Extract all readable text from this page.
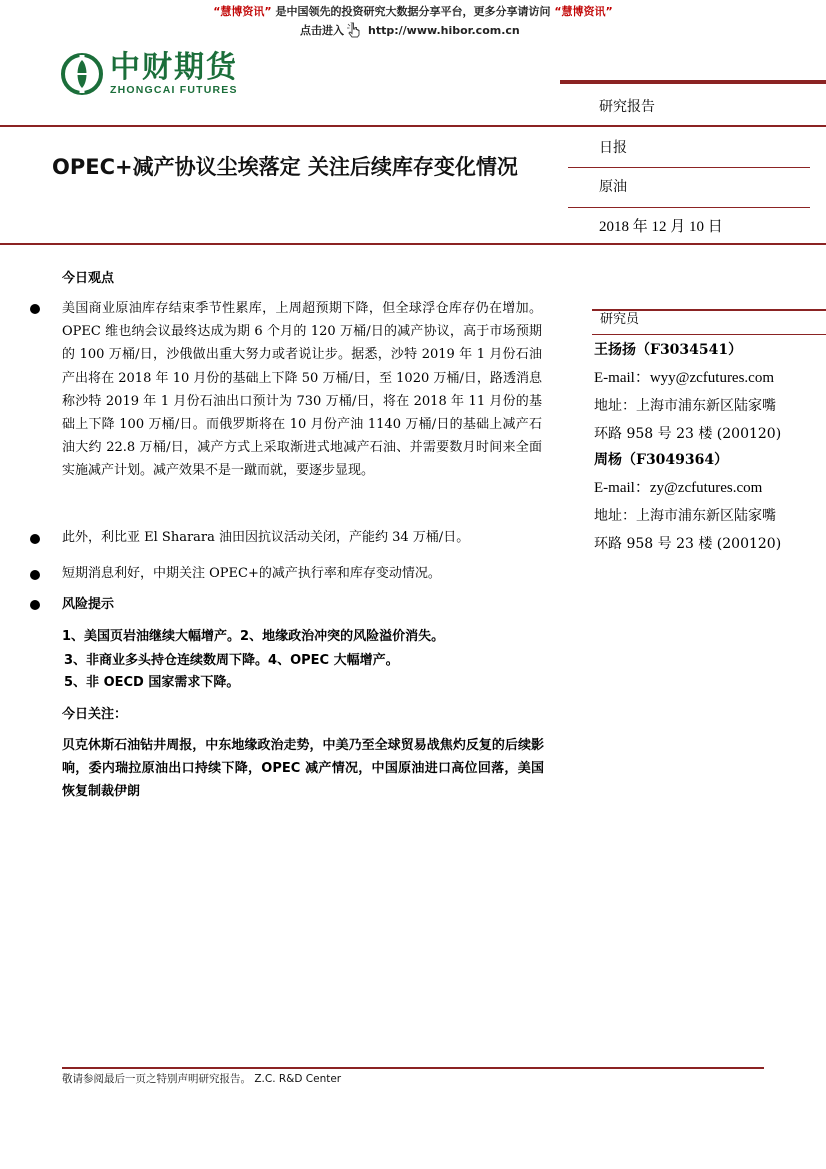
“慧博资讯” 是中国领先的投资研究大数据分享平台，更多分享请访问 “慧博资讯”
点击进入 http://www.hibor.com.cn
中财期货
ZHONGCAI FUTURES
研究报告
日报
原油
2018 年 12 月 10 日
OPEC+减产协议尘埃落定 关注后续库存变化情况
研究员
王扬扬（F3034541）
E-mail：wyy@zcfutures.com
地址：上海市浦东新区陆家嘴
环路 958 号 23 楼 (200120)
周杨（F3049364）
E-mail：zy@zcfutures.com
地址：上海市浦东新区陆家嘴
环路 958 号 23 楼 (200120)
今日观点

美国商业原油库存结束季节性累库，上周超预期下降，但全球浮仓库存仍在增加。OPEC 维也纳会议最终达成为期 6 个月的 120 万桶/日的减产协议，高于市场预期的 100 万桶/日，沙俄做出重大努力或者说让步。据悉，沙特 2019 年 1 月份石油产出将在 2018 年 10 月份的基础上下降 50 万桶/日，至 1020 万桶/日，路透消息称沙特 2019 年 1 月份石油出口预计为 730 万桶/日，将在 2018 年 11 月份的基础上下降 100 万桶/日。而俄罗斯将在 10 月份产油 1140 万桶/日的基础上减产石油大约 22.8 万桶/日，减产方式上采取渐进式地减产石油、并需要数月时间来全面实施减产计划。减产效果不是一蹴而就，要逐步显现。

此外，利比亚 El Sharara 油田因抗议活动关闭，产能约 34 万桶/日。

短期消息利好，中期关注 OPEC+的减产执行率和库存变动情况。

风险提示
1、美国页岩油继续大幅增产。2、地缘政治冲突的风险溢价消失。
3、非商业多头持仓连续数周下降。4、OPEC 大幅增产。
5、非 OECD 国家需求下降。
今日关注：

贝克休斯石油钻井周报，中东地缘政治走势，中美乃至全球贸易战焦灼反复的后续影响，委内瑞拉原油出口持续下降，OPEC 减产情况，中国原油进口高位回落，美国恢复制裁伊朗

敬请参阅最后一页之特别声明研究报告。 Z.C. R&D Center
